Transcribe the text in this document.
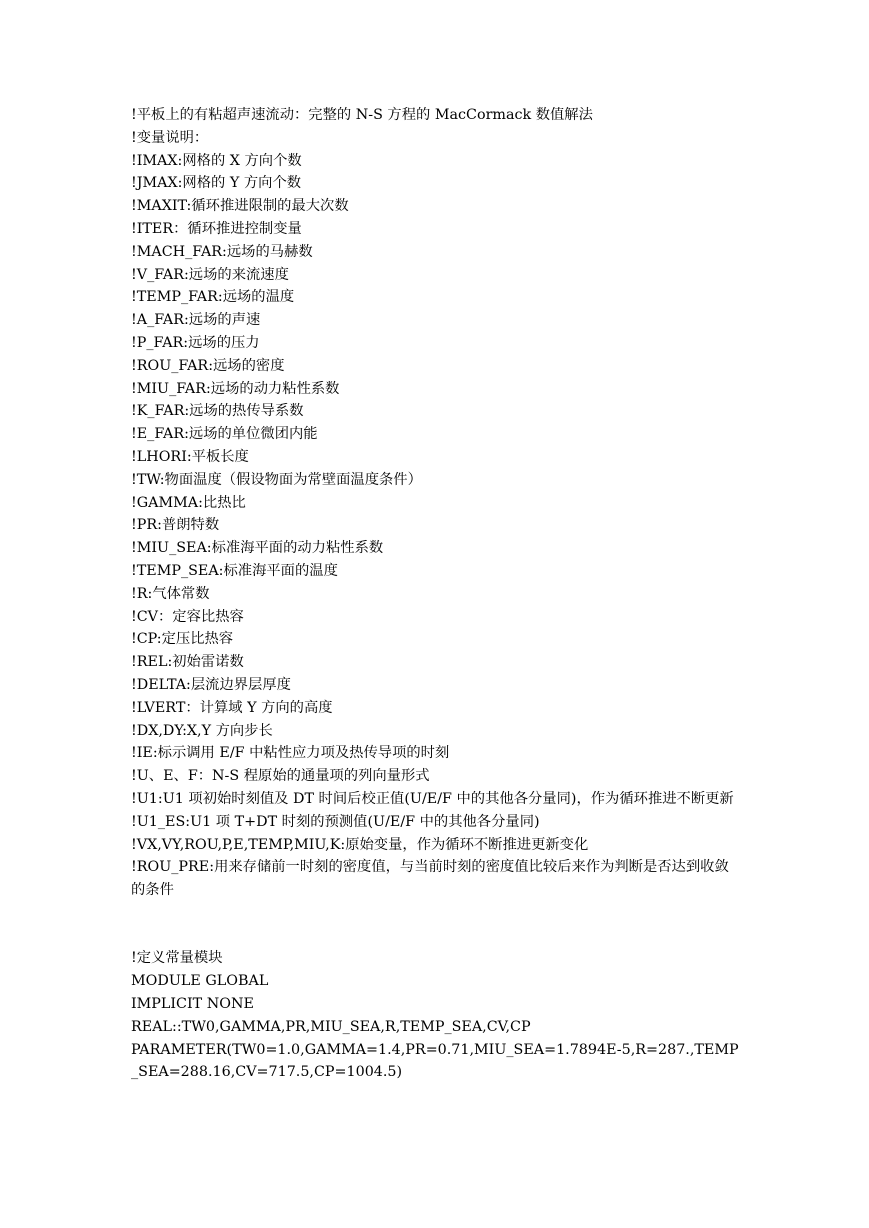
!平板上的有粘超声速流动：完整的 N-S 方程的 MacCormack 数值解法
!变量说明：
!IMAX:网格的 X 方向个数
!JMAX:网格的 Y 方向个数
!MAXIT:循环推进限制的最大次数
!ITER：循环推进控制变量
!MACH_FAR:远场的马赫数
!V_FAR:远场的来流速度
!TEMP_FAR:远场的温度
!A_FAR:远场的声速
!P_FAR:远场的压力
!ROU_FAR:远场的密度
!MIU_FAR:远场的动力粘性系数
!K_FAR:远场的热传导系数
!E_FAR:远场的单位微团内能
!LHORI:平板长度
!TW:物面温度（假设物面为常壁面温度条件）
!GAMMA:比热比
!PR:普朗特数
!MIU_SEA:标准海平面的动力粘性系数
!TEMP_SEA:标准海平面的温度
!R:气体常数
!CV：定容比热容
!CP:定压比热容
!REL:初始雷诺数
!DELTA:层流边界层厚度
!LVERT：计算域 Y 方向的高度
!DX,DY:X,Y 方向步长
!IE:标示调用 E/F 中粘性应力项及热传导项的时刻
!U、E、F：N-S 程原始的通量项的列向量形式
!U1:U1 项初始时刻值及 DT 时间后校正值(U/E/F 中的其他各分量同)，作为循环推进不断更新
!U1_ES:U1 项 T+DT 时刻的预测值(U/E/F 中的其他各分量同)
!VX,VY,ROU,P,E,TEMP,MIU,K:原始变量，作为循环不断推进更新变化
!ROU_PRE:用来存储前一时刻的密度值，与当前时刻的密度值比较后来作为判断是否达到收敛的条件
!定义常量模块
MODULE GLOBAL
IMPLICIT NONE
REAL::TW0,GAMMA,PR,MIU_SEA,R,TEMP_SEA,CV,CP
PARAMETER(TW0=1.0,GAMMA=1.4,PR=0.71,MIU_SEA=1.7894E-5,R=287.,TEMP_SEA=288.16,CV=717.5,CP=1004.5)
